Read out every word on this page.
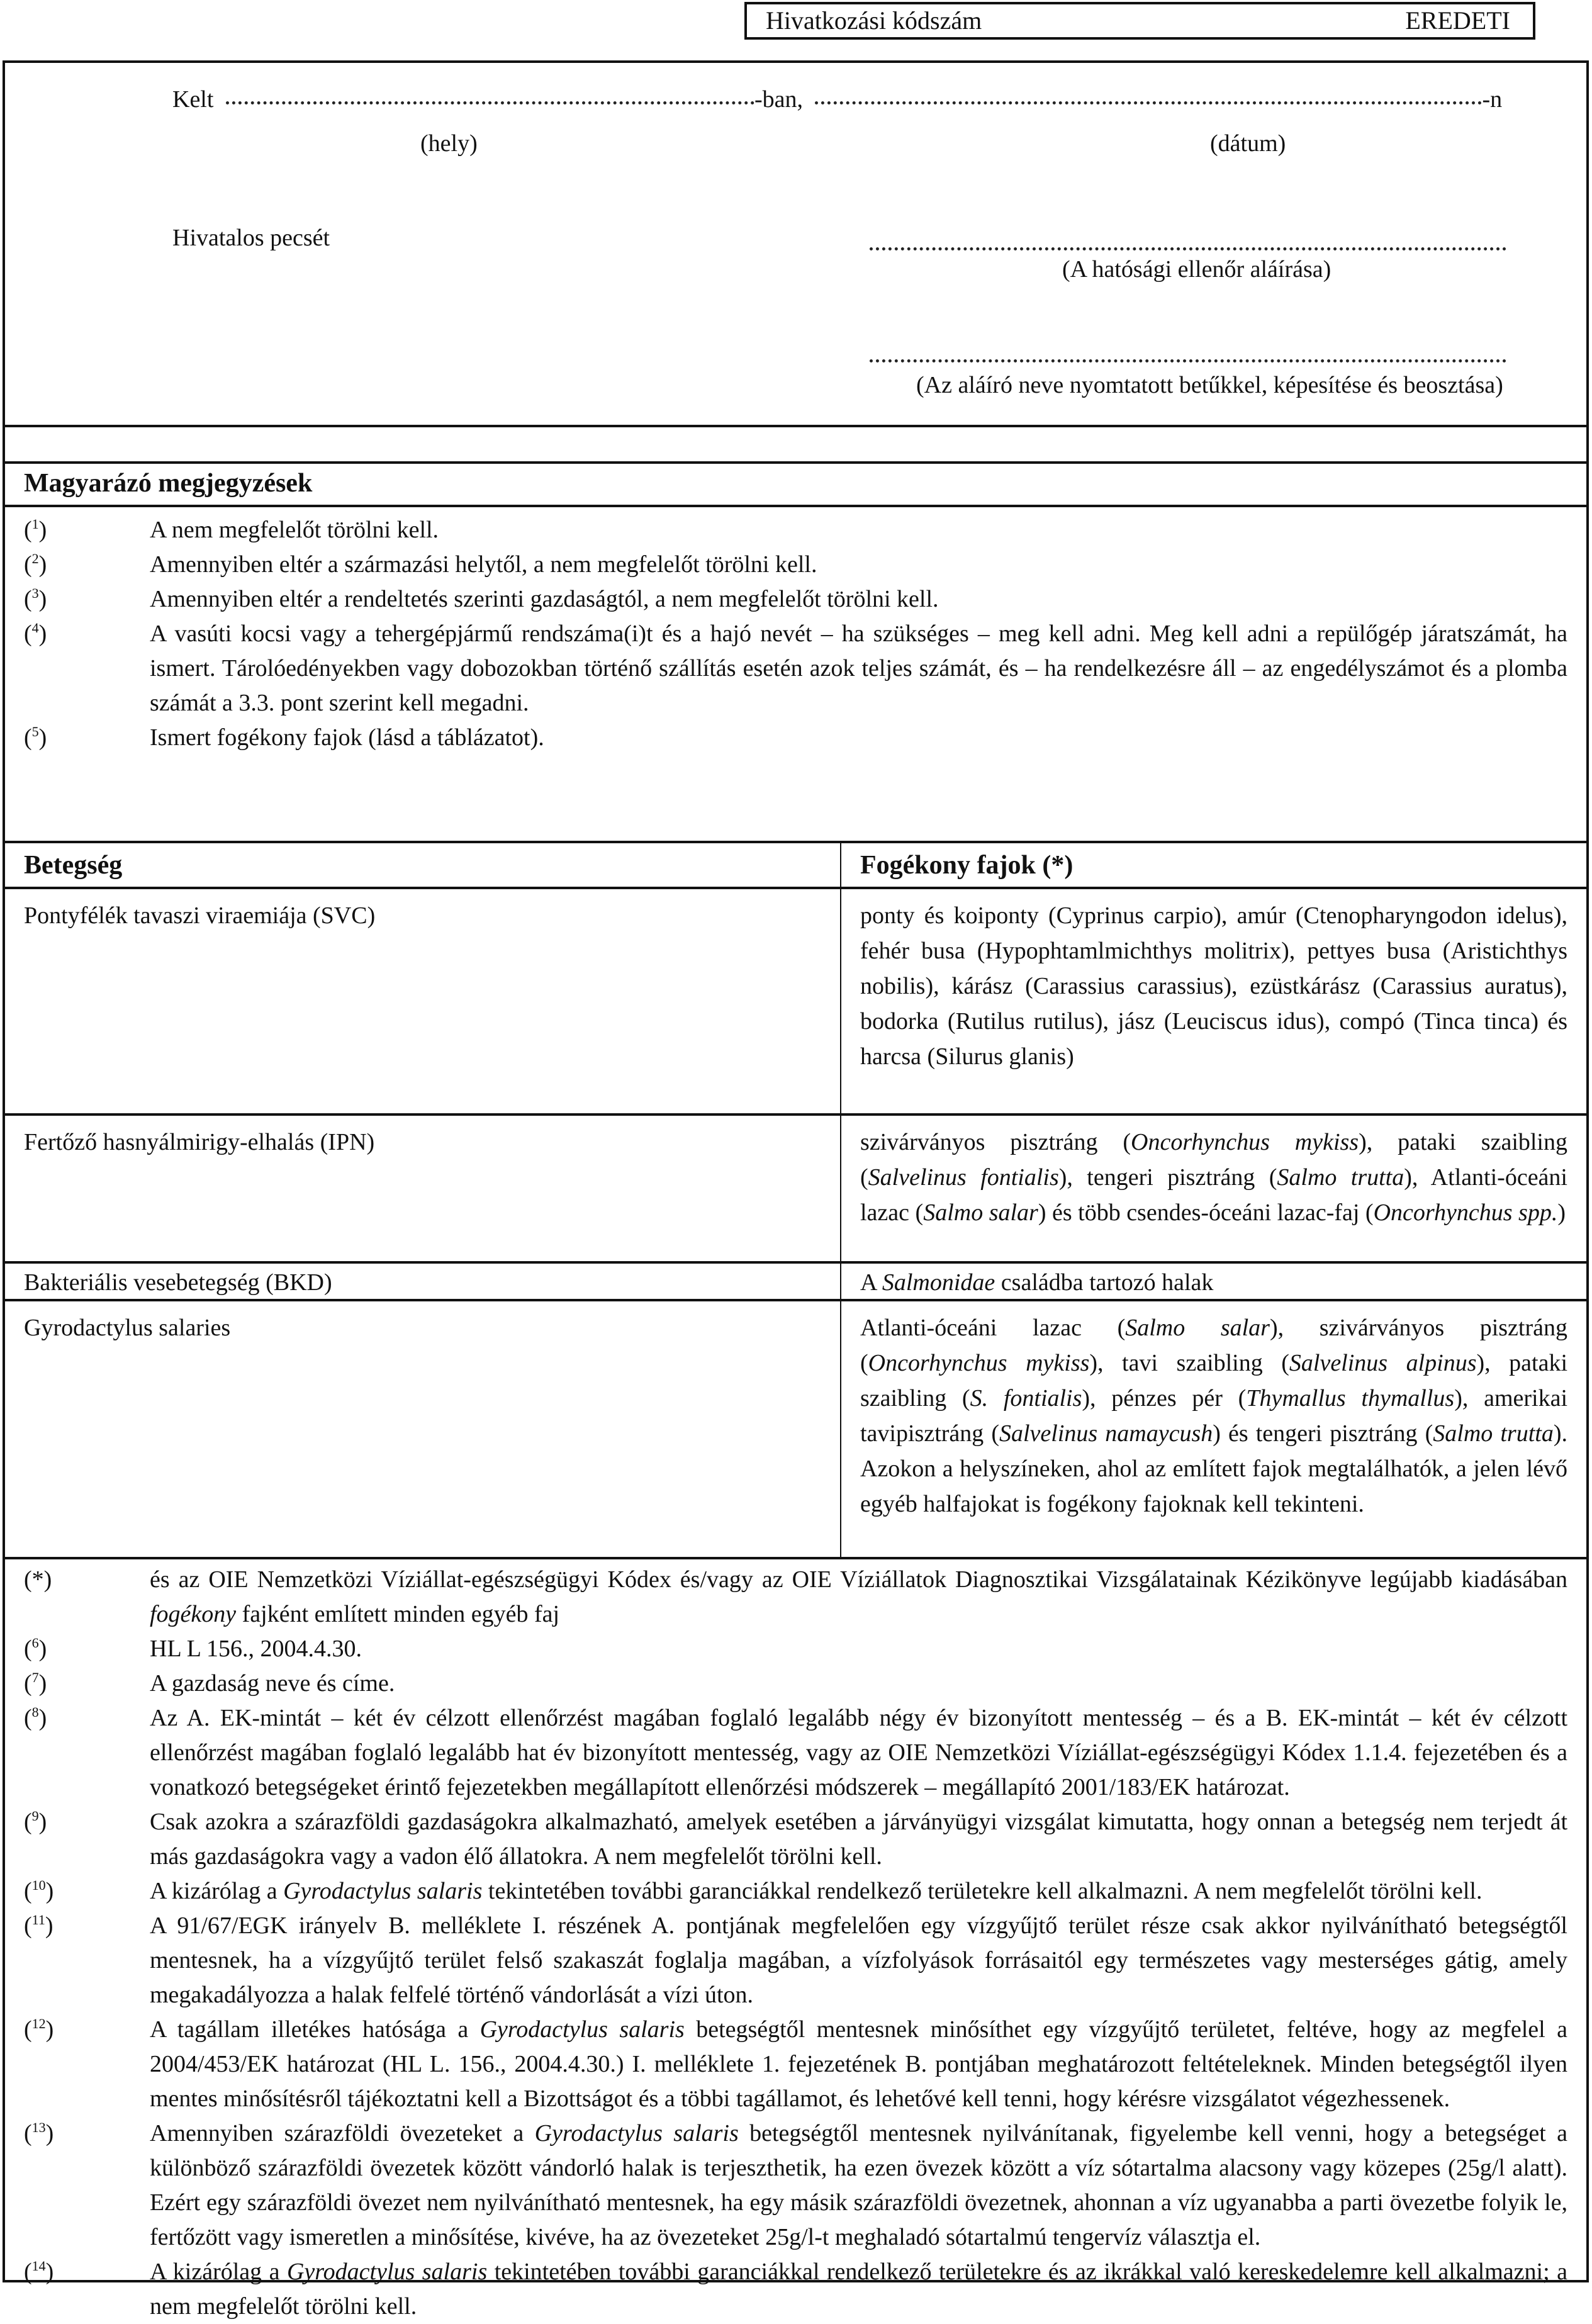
Hivatkozási kódszám	EREDETI
Kelt	-ban,	-n
(hely)	(dátum)
Hivatalos pecsét
(A hatósági ellenőr aláírása)
(Az aláíró neve nyomtatott betűkkel, képesítése és beosztása)
Magyarázó megjegyzések
($^1$)	A nem megfelelőt törölni kell.
($^2$)	Amennyiben eltér a származási helytől, a nem megfelelőt törölni kell.
($^3$)	Amennyiben eltér a rendeltetés szerinti gazdaságtól, a nem megfelelőt törölni kell.
($^4$)	A vasúti kocsi vagy a tehergépjármű rendszáma(i)t és a hajó nevét – ha szükséges – meg kell adni. Meg kell adni a repülőgép járatszámát, ha ismert. Tárolóedényekben vagy dobozokban történő szállítás esetén azok teljes számát, és – ha rendelkezésre áll – az engedélyszámot és a plomba számát a 3.3. pont szerint kell megadni.
($^5$)	Ismert fogékony fajok (lásd a táblázatot).
Betegség	Fogékony fajok (*)
Pontyfélék tavaszi viraemiája (SVC)	ponty és koiponty (Cyprinus carpio), amúr (Ctenopharyngodon idelus), fehér busa (Hypophtamlmichthys molitrix), pettyes busa (Aristichthys nobilis), kárász (Carassius carassius), ezüstkárász (Carassius auratus), bodorka (Rutilus rutilus), jász (Leuciscus idus), compó (Tinca tinca) és harcsa (Silurus glanis)
Fertőző hasnyálmirigy-elhalás (IPN)	szivárványos pisztráng (Oncorhynchus mykiss), pataki szaibling (Salvelinus fontialis), tengeri pisztráng (Salmo trutta), Atlanti-óceáni lazac (Salmo salar) és több csendes-óceáni lazac-faj (Oncorhynchus spp.)
Bakteriális vesebetegség (BKD)	A Salmonidae családba tartozó halak
Gyrodactylus salaries	Atlanti-óceáni lazac (Salmo salar), szivárványos pisztráng (Oncorhynchus mykiss), tavi szaibling (Salvelinus alpinus), pataki szaibling (S. fontialis), pénzes pér (Thymallus thymallus), amerikai tavipisztráng (Salvelinus namaycush) és tengeri pisztráng (Salmo trutta). Azokon a helyszíneken, ahol az említett fajok megtalálhatók, a jelen lévő egyéb halfajokat is fogékony fajoknak kell tekinteni.
(*)	és az OIE Nemzetközi Víziállat-egészségügyi Kódex és/vagy az OIE Víziállatok Diagnosztikai Vizsgálatainak Kézikönyve legújabb kiadásában fogékony fajként említett minden egyéb faj
($^6$)	HL L 156., 2004.4.30.
($^7$)	A gazdaság neve és címe.
($^8$)	Az A. EK-mintát – két év célzott ellenőrzést magában foglaló legalább négy év bizonyított mentesség – és a B. EK-mintát – két év célzott ellenőrzést magában foglaló legalább hat év bizonyított mentesség, vagy az OIE Nemzetközi Víziállat-egészségügyi Kódex 1.1.4. fejezetében és a vonatkozó betegségeket érintő fejezetekben megállapított ellenőrzési módszerek – megállapító 2001/183/EK határozat.
($^9$)	Csak azokra a szárazföldi gazdaságokra alkalmazható, amelyek esetében a járványügyi vizsgálat kimutatta, hogy onnan a betegség nem terjedt át más gazdaságokra vagy a vadon élő állatokra. A nem megfelelőt törölni kell.
($^{10}$)	A kizárólag a Gyrodactylus salaris tekintetében további garanciákkal rendelkező területekre kell alkalmazni. A nem megfelelőt törölni kell.
($^{11}$)	A 91/67/EGK irányelv B. melléklete I. részének A. pontjának megfelelően egy vízgyűjtő terület része csak akkor nyilvánítható betegségtől mentesnek, ha a vízgyűjtő terület felső szakaszát foglalja magában, a vízfolyások forrásaitól egy természetes vagy mesterséges gátig, amely megakadályozza a halak felfelé történő vándorlását a vízi úton.
($^{12}$)	A tagállam illetékes hatósága a Gyrodactylus salaris betegségtől mentesnek minősíthet egy vízgyűjtő területet, feltéve, hogy az megfelel a 2004/453/EK határozat (HL L. 156., 2004.4.30.) I. melléklete 1. fejezetének B. pontjában meghatározott feltételeknek. Minden betegségtől ilyen mentes minősítésről tájékoztatni kell a Bizottságot és a többi tagállamot, és lehetővé kell tenni, hogy kérésre vizsgálatot végezhessenek.
($^{13}$)	Amennyiben szárazföldi övezeteket a Gyrodactylus salaris betegségtől mentesnek nyilvánítanak, figyelembe kell venni, hogy a betegséget a különböző szárazföldi övezetek között vándorló halak is terjeszthetik, ha ezen övezek között a víz sótartalma alacsony vagy közepes (25g/l alatt). Ezért egy szárazföldi övezet nem nyilvánítható mentesnek, ha egy másik szárazföldi övezetnek, ahonnan a víz ugyanabba a parti övezetbe folyik le, fertőzött vagy ismeretlen a minősítése, kivéve, ha az övezeteket 25g/l-t meghaladó sótartalmú tengervíz választja el.
($^{14}$)	A kizárólag a Gyrodactylus salaris tekintetében további garanciákkal rendelkező területekre és az ikrákkal való kereskedelemre kell alkalmazni; a nem megfelelőt törölni kell.
